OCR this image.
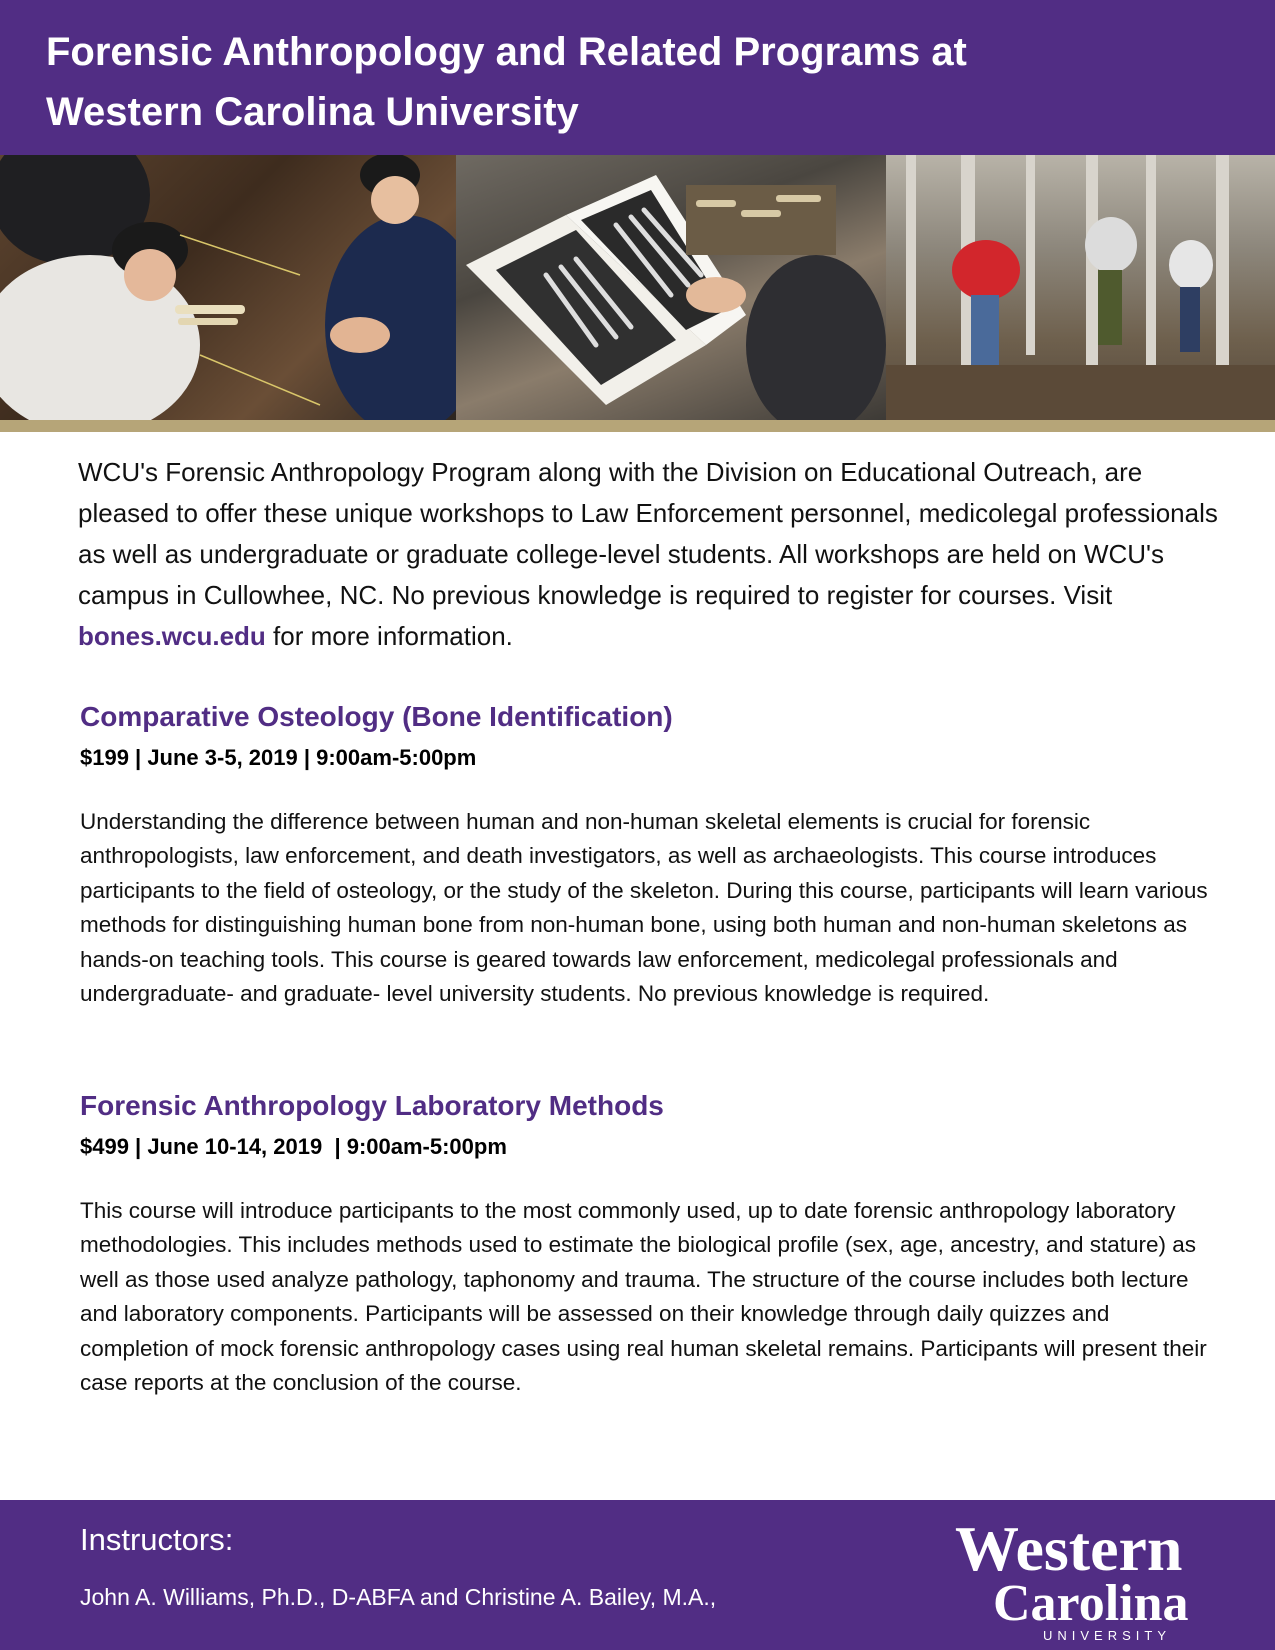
Forensic Anthropology and Related Programs at
Western Carolina University

WCU's Forensic Anthropology Program along with the Division on Educational Outreach, are pleased to offer these unique workshops to Law Enforcement personnel, medicolegal professionals as well as undergraduate or graduate college-level students. All workshops are held on WCU's campus in Cullowhee, NC. No previous knowledge is required to register for courses. Visit bones.wcu.edu for more information.

Comparative Osteology (Bone Identification)

$199 | June 3-5, 2019 | 9:00am-5:00pm

Understanding the difference between human and non-human skeletal elements is crucial for forensic anthropologists, law enforcement, and death investigators, as well as archaeologists. This course introduces participants to the field of osteology, or the study of the skeleton. During this course, participants will learn various methods for distinguishing human bone from non-human bone, using both human and non-human skeletons as hands-on teaching tools. This course is geared towards law enforcement, medicolegal professionals and undergraduate- and graduate- level university students. No previous knowledge is required.

Forensic Anthropology Laboratory Methods

$499 | June 10-14, 2019  | 9:00am-5:00pm

This course will introduce participants to the most commonly used, up to date forensic anthropology laboratory methodologies. This includes methods used to estimate the biological profile (sex, age, ancestry, and stature) as well as those used analyze pathology, taphonomy and trauma. The structure of the course includes both lecture and laboratory components. Participants will be assessed on their knowledge through daily quizzes and completion of mock forensic anthropology cases using real human skeletal remains. Participants will present their case reports at the conclusion of the course.

Instructors:

John A. Williams, Ph.D., D-ABFA and Christine A. Bailey, M.A.,

Western
Carolina
UNIVERSITY
